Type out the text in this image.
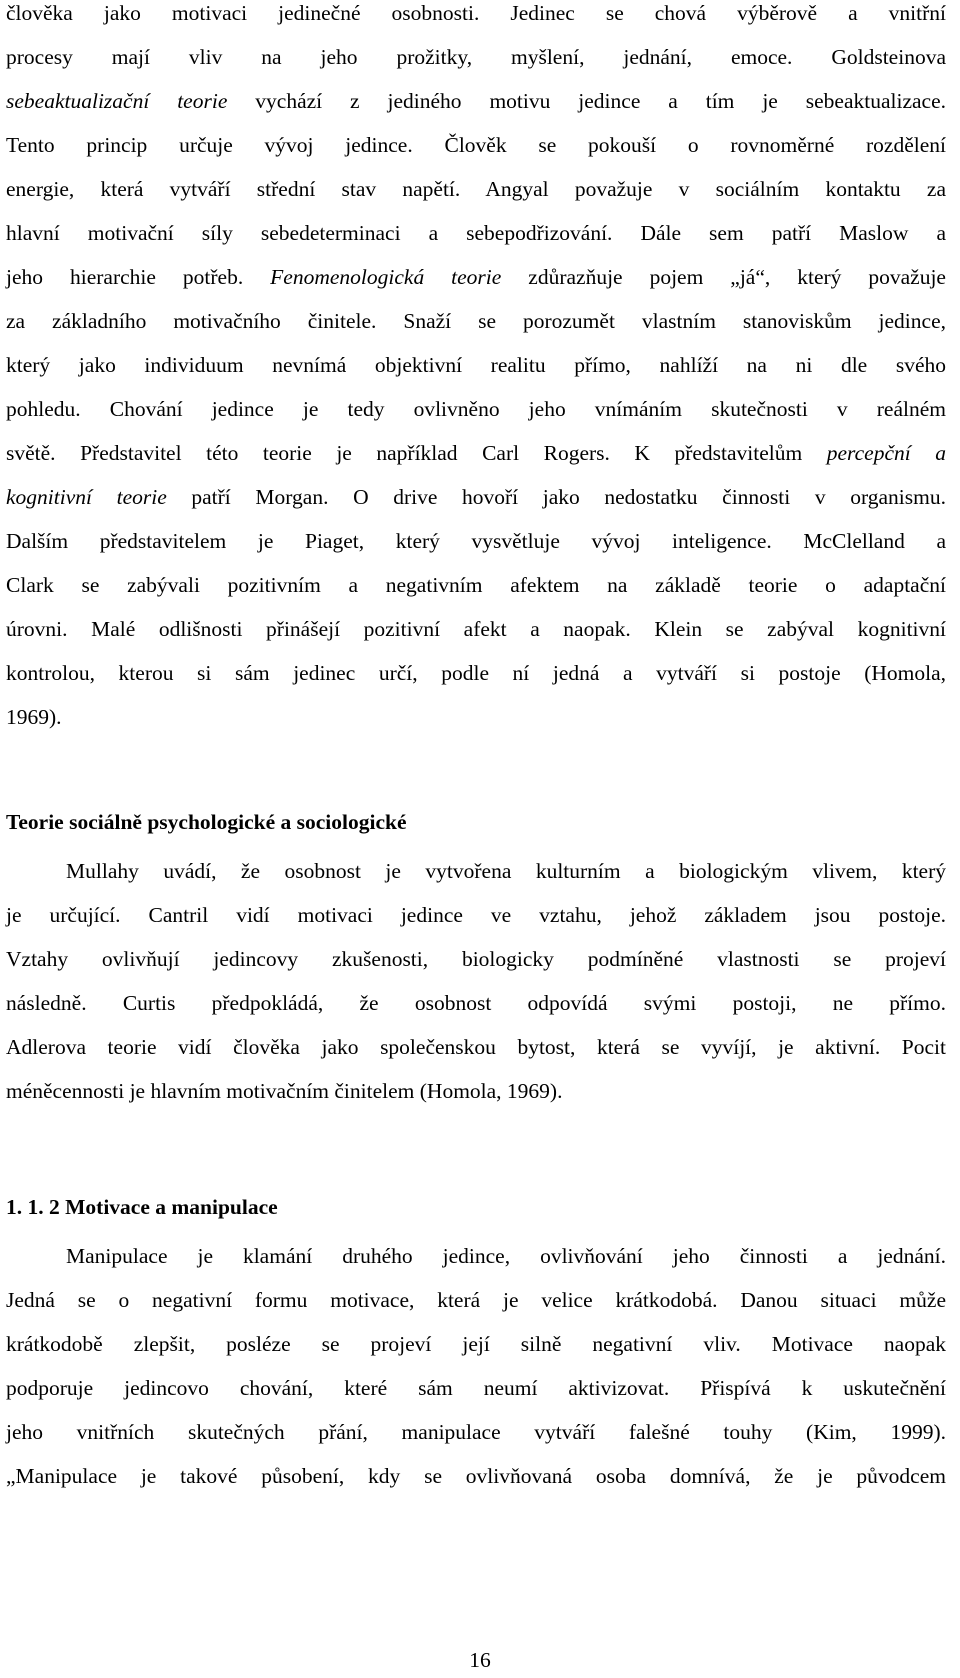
člověka jako motivaci jedinečné osobnosti. Jedinec se chová výběrově a vnitřní
procesy mají vliv na jeho prožitky, myšlení, jednání, emoce. Goldsteinova
sebeaktualizační teorie vychází z jediného motivu jedince a tím je sebeaktualizace.
Tento princip určuje vývoj jedince. Člověk se pokouší o rovnoměrné rozdělení
energie, která vytváří střední stav napětí. Angyal považuje v sociálním kontaktu za
hlavní motivační síly sebedeterminaci a sebepodřizování. Dále sem patří Maslow a
jeho hierarchie potřeb. Fenomenologická teorie zdůrazňuje pojem „já“, který považuje
za základního motivačního činitele. Snaží se porozumět vlastním stanoviskům jedince,
který jako individuum nevnímá objektivní realitu přímo, nahlíží na ni dle svého
pohledu. Chování jedince je tedy ovlivněno jeho vnímáním skutečnosti v reálném
světě. Představitel této teorie je například Carl Rogers. K představitelům percepční a
kognitivní teorie patří Morgan. O drive hovoří jako nedostatku činnosti v organismu.
Dalším představitelem je Piaget, který vysvětluje vývoj inteligence. McClelland a
Clark se zabývali pozitivním a negativním afektem na základě teorie o adaptační
úrovni. Malé odlišnosti přinášejí pozitivní afekt a naopak. Klein se zabýval kognitivní
kontrolou, kterou si sám jedinec určí, podle ní jedná a vytváří si postoje (Homola,
1969).
Teorie sociálně psychologické a sociologické
Mullahy uvádí, že osobnost je vytvořena kulturním a biologickým vlivem, který
je určující. Cantril vidí motivaci jedince ve vztahu, jehož základem jsou postoje.
Vztahy ovlivňují jedincovy zkušenosti, biologicky podmíněné vlastnosti se projeví
následně. Curtis předpokládá, že osobnost odpovídá svými postoji, ne přímo.
Adlerova teorie vidí člověka jako společenskou bytost, která se vyvíjí, je aktivní. Pocit
méněcennosti je hlavním motivačním činitelem (Homola, 1969).
1. 1. 2 Motivace a manipulace
Manipulace je klamání druhého jedince, ovlivňování jeho činnosti a jednání.
Jedná se o negativní formu motivace, která je velice krátkodobá. Danou situaci může
krátkodobě zlepšit, posléze se projeví její silně negativní vliv. Motivace naopak
podporuje jedincovo chování, které sám neumí aktivizovat. Přispívá k uskutečnění
jeho vnitřních skutečných přání, manipulace vytváří falešné touhy (Kim, 1999).
„Manipulace je takové působení, kdy se ovlivňovaná osoba domnívá, že je původcem
16
